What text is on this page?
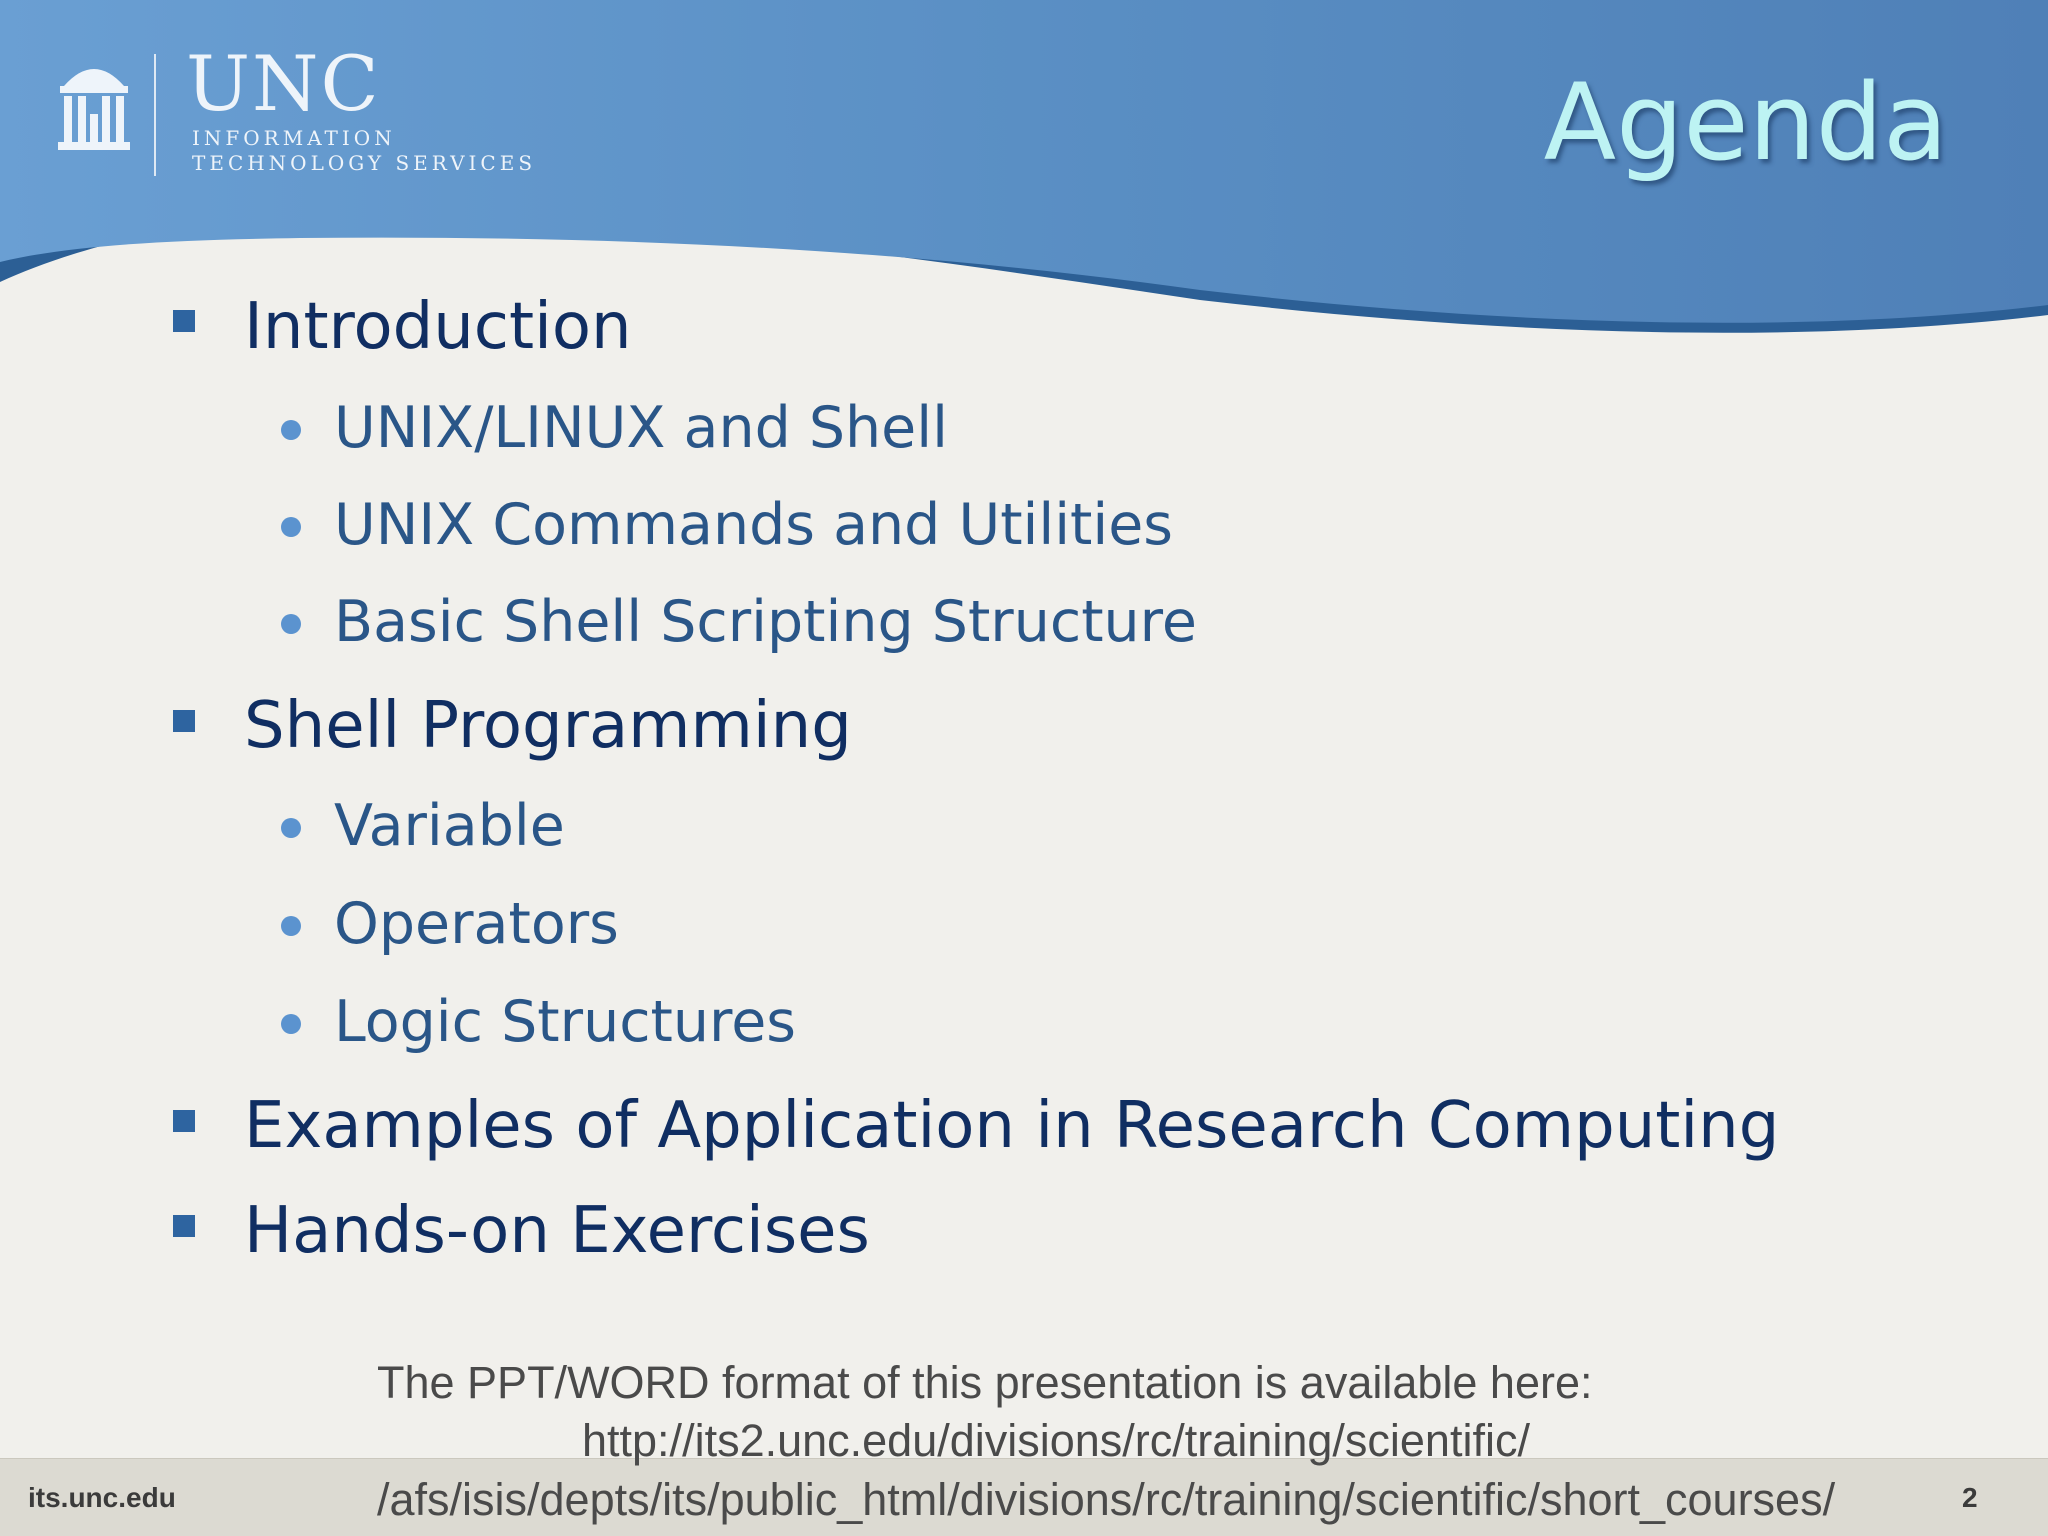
UNC
INFORMATION
TECHNOLOGY SERVICES	Agenda
Introduction
UNIX/LINUX and Shell
UNIX Commands and Utilities
Basic Shell Scripting Structure
Shell Programming
Variable
Operators
Logic Structures
Examples of Application in Research Computing
Hands-on Exercises
its.unc.edu	2
The PPT/WORD format of this presentation is available here:
http://its2.unc.edu/divisions/rc/training/scientific/
/afs/isis/depts/its/public_html/divisions/rc/training/scientific/short_courses/
